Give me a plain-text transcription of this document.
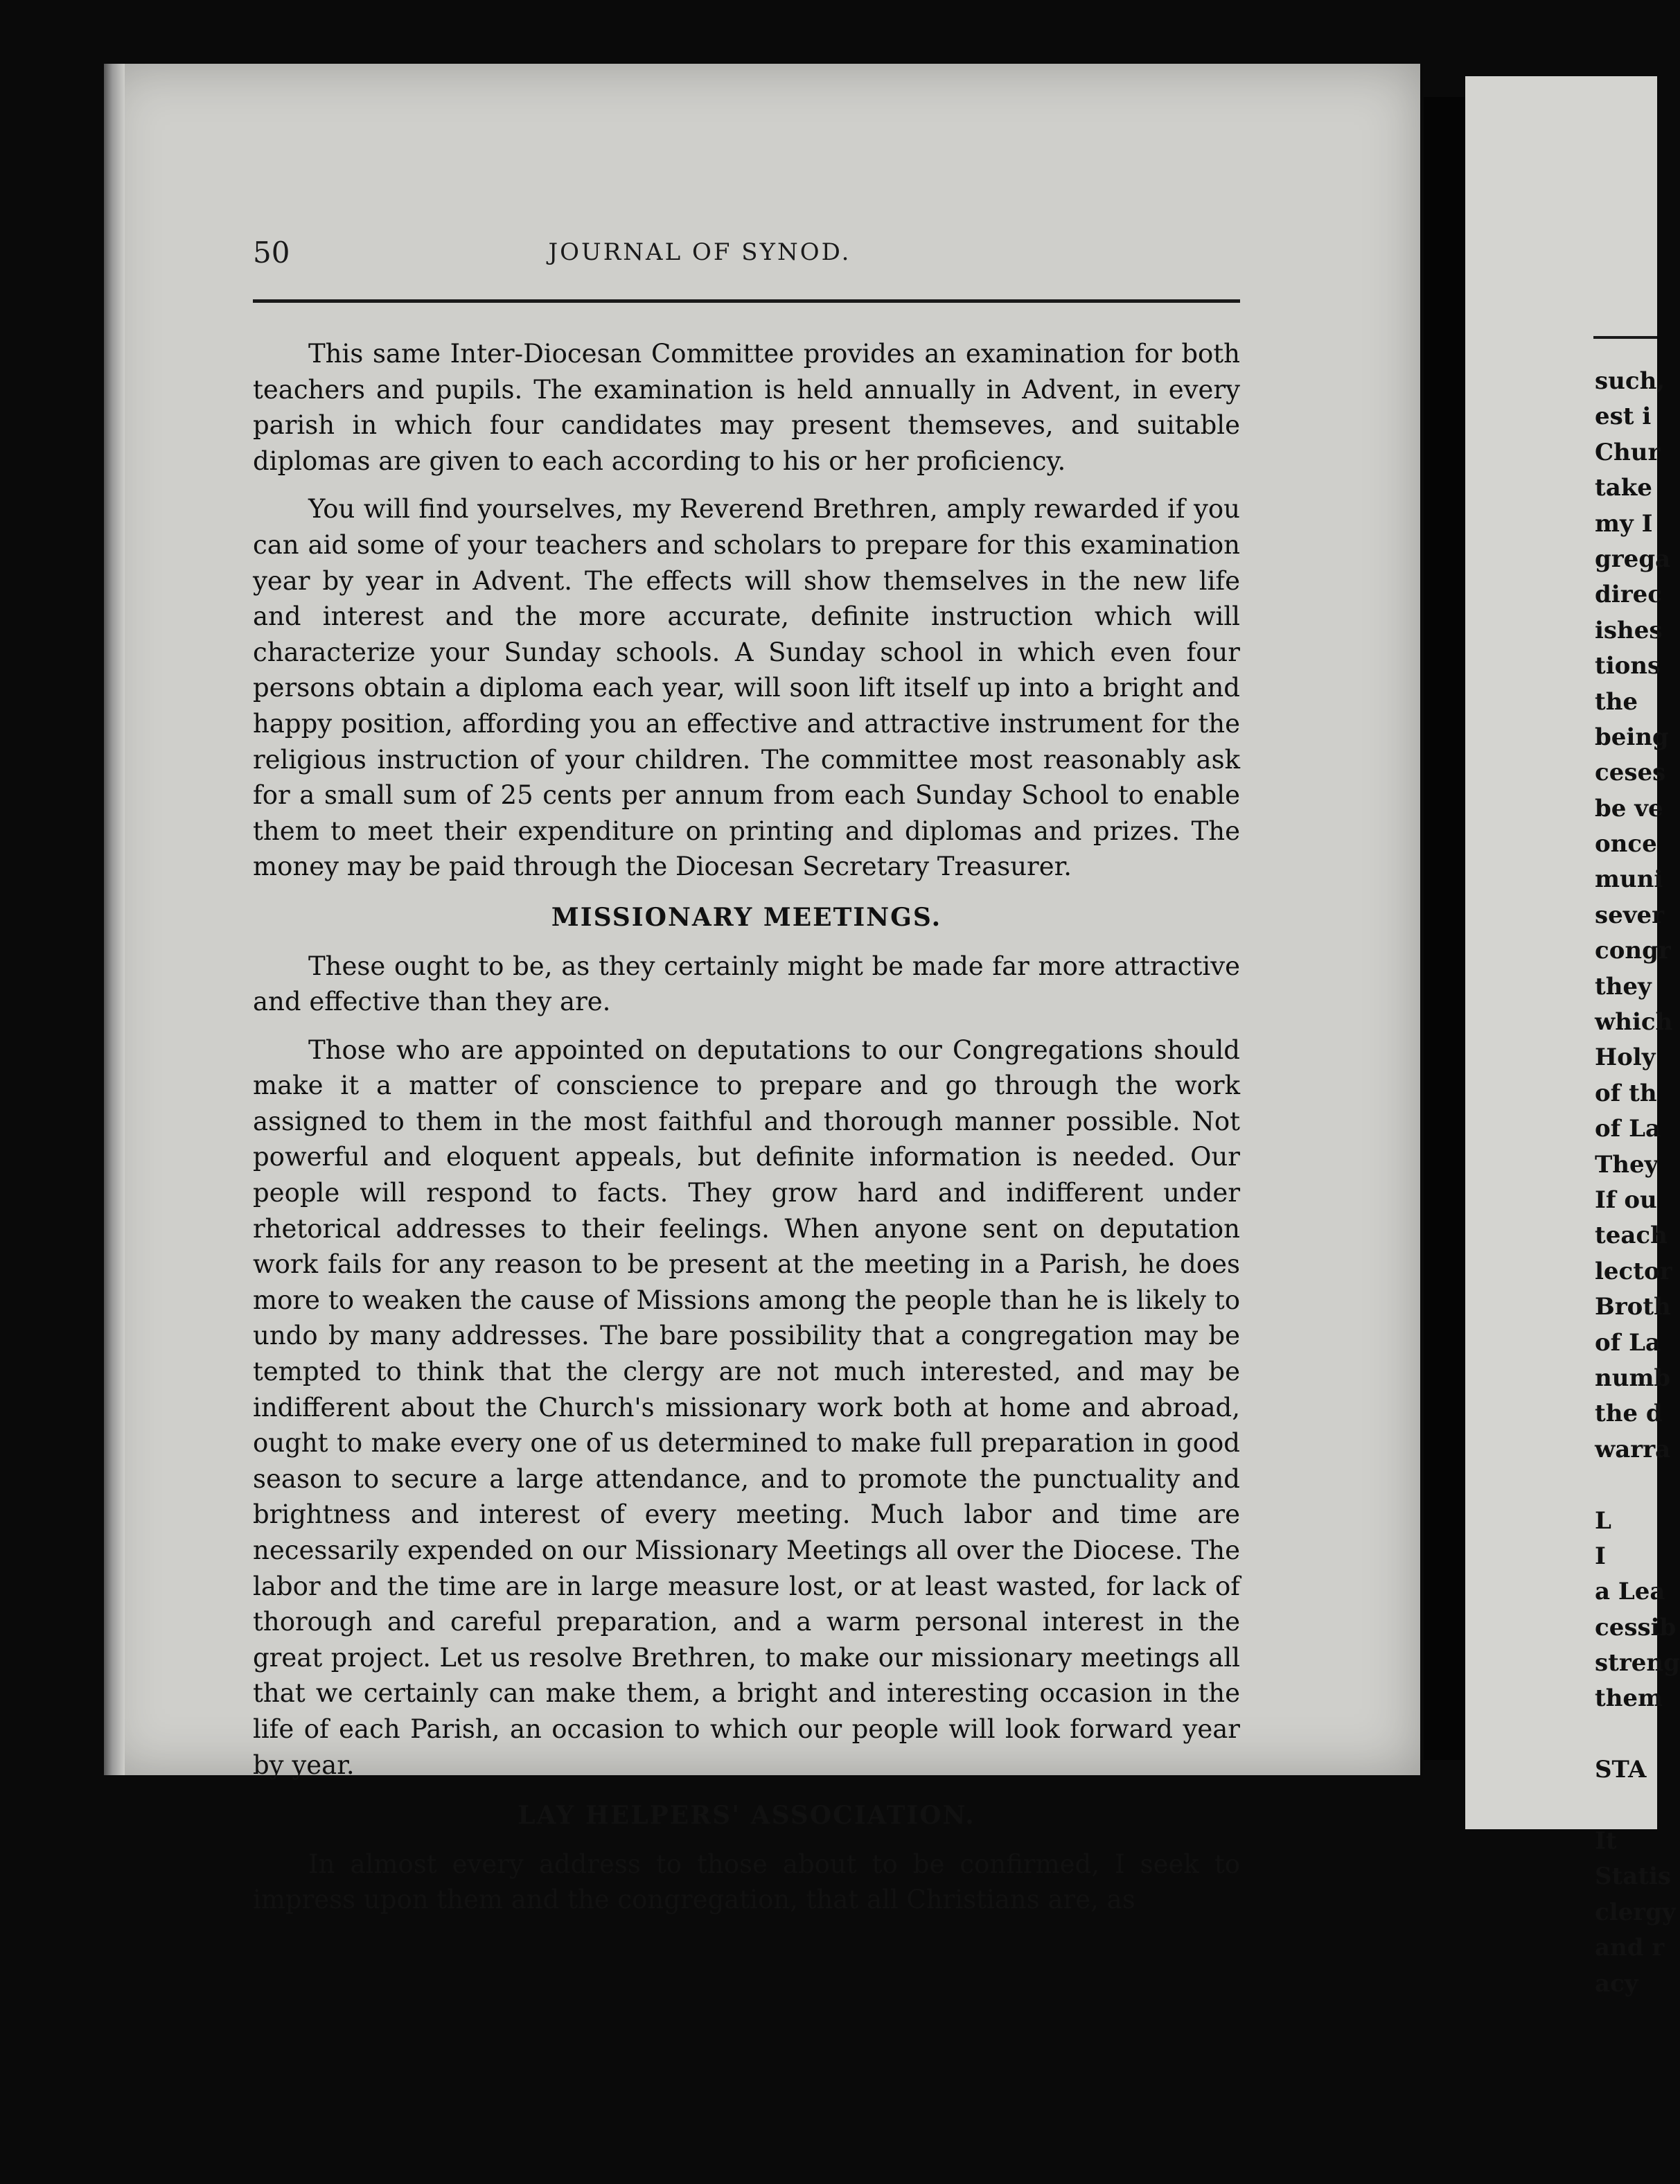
50	JOURNAL OF SYNOD.

This same Inter-Diocesan Committee provides an examination for both teachers and pupils. The examination is held annually in Advent, in every parish in which four candidates may present themseves, and suitable diplomas are given to each according to his or her proficiency.

You will find yourselves, my Reverend Brethren, amply rewarded if you can aid some of your teachers and scholars to prepare for this examination year by year in Advent. The effects will show themselves in the new life and interest and the more accurate, definite instruction which will characterize your Sunday schools. A Sunday school in which even four persons obtain a diploma each year, will soon lift itself up into a bright and happy position, affording you an effective and attractive instrument for the religious instruction of your children. The committee most reasonably ask for a small sum of 25 cents per annum from each Sunday School to enable them to meet their expenditure on printing and diplomas and prizes. The money may be paid through the Diocesan Secretary Treasurer.

MISSIONARY MEETINGS.

These ought to be, as they certainly might be made far more attractive and effective than they are.

Those who are appointed on deputations to our Congregations should make it a matter of conscience to prepare and go through the work assigned to them in the most faithful and thorough manner possible. Not powerful and eloquent appeals, but definite information is needed. Our people will respond to facts. They grow hard and indifferent under rhetorical addresses to their feelings. When anyone sent on deputation work fails for any reason to be present at the meeting in a Parish, he does more to weaken the cause of Missions among the people than he is likely to undo by many addresses. The bare possibility that a congregation may be tempted to think that the clergy are not much interested, and may be indifferent about the Church's missionary work both at home and abroad, ought to make every one of us determined to make full preparation in good season to secure a large attendance, and to promote the punctuality and brightness and interest of every meeting. Much labor and time are necessarily expended on our Missionary Meetings all over the Diocese. The labor and the time are in large measure lost, or at least wasted, for lack of thorough and careful preparation, and a warm personal interest in the great project. Let us resolve Brethren, to make our missionary meetings all that we certainly can make them, a bright and interesting occasion in the life of each Parish, an occasion to which our people will look forward year by year.

LAY HELPERS' ASSOCIATION.

In almost every address to those about to be confirmed, I seek to impress upon them and the congregation, that all Christians are, as

such,
est i
Chur
take
my I
grega
direc
ishes
tions
the
being
ceses
be ve
once
muni
sever
congr
they
which
Holy
of th
of La
They
If ou
teach
lector
Broth
of La
numb
the d
warra
L
I
a Lea
cessib
streng
them
STA
It
Statis
clergy
and r
acy
